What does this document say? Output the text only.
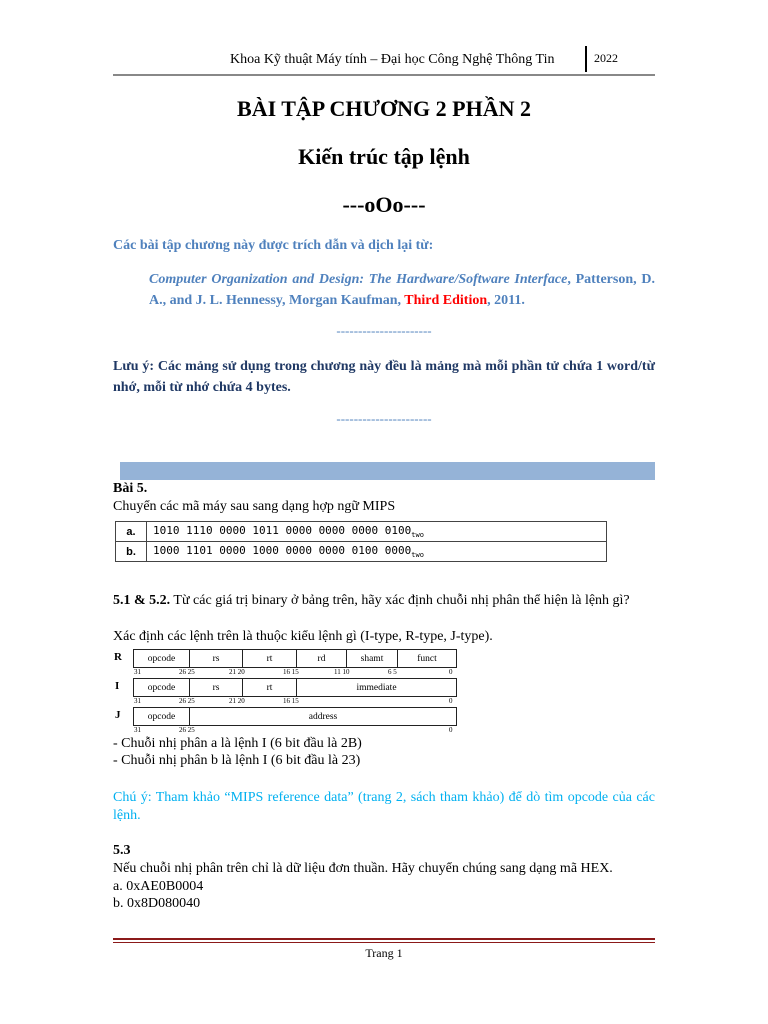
Khoa Kỹ thuật Máy tính – Đại học Công Nghệ Thông Tin	2022
BÀI TẬP CHƯƠNG 2 PHẦN 2
Kiến trúc tập lệnh
---oOo---
Các bài tập chương này được trích dẫn và dịch lại từ:
Computer Organization and Design: The Hardware/Software Interface, Patterson, D. A., and J. L. Hennessy, Morgan Kaufman, Third Edition, 2011.
----------------------
Lưu ý: Các mảng sử dụng trong chương này đều là mảng mà mỗi phần tử chứa 1 word/từ nhớ, mỗi từ nhớ chứa 4 bytes.
----------------------
Bài 5.
Chuyển các mã máy sau sang dạng hợp ngữ MIPS
a.	1010 1110 0000 1011 0000 0000 0000 $0100_{two}$
b.	1000 1101 0000 1000 0000 0000 0100 $0000_{two}$
5.1 & 5.2. Từ các giá trị binary ở bảng trên, hãy xác định chuỗi nhị phân thể hiện là lệnh gì?
Xác định các lệnh trên là thuộc kiểu lệnh gì (I-type, R-type, J-type).
R	opcode	rs	rt	rd	shamt	funct
31	26 25	21 20	16 15	11 10	6 5	0
I	opcode	rs	rt	immediate
31	26 25	21 20	16 15	0
J	opcode	address
31	26 25	0
- Chuỗi nhị phân a là lệnh I (6 bit đầu là 2B)
- Chuỗi nhị phân b là lệnh I (6 bit đầu là 23)
Chú ý: Tham khảo “MIPS reference data” (trang 2, sách tham khảo) để dò tìm opcode của các lệnh.
5.3
Nếu chuỗi nhị phân trên chỉ là dữ liệu đơn thuần. Hãy chuyển chúng sang dạng mã HEX.
a. 0xAE0B0004
b. 0x8D080040
Trang 1
